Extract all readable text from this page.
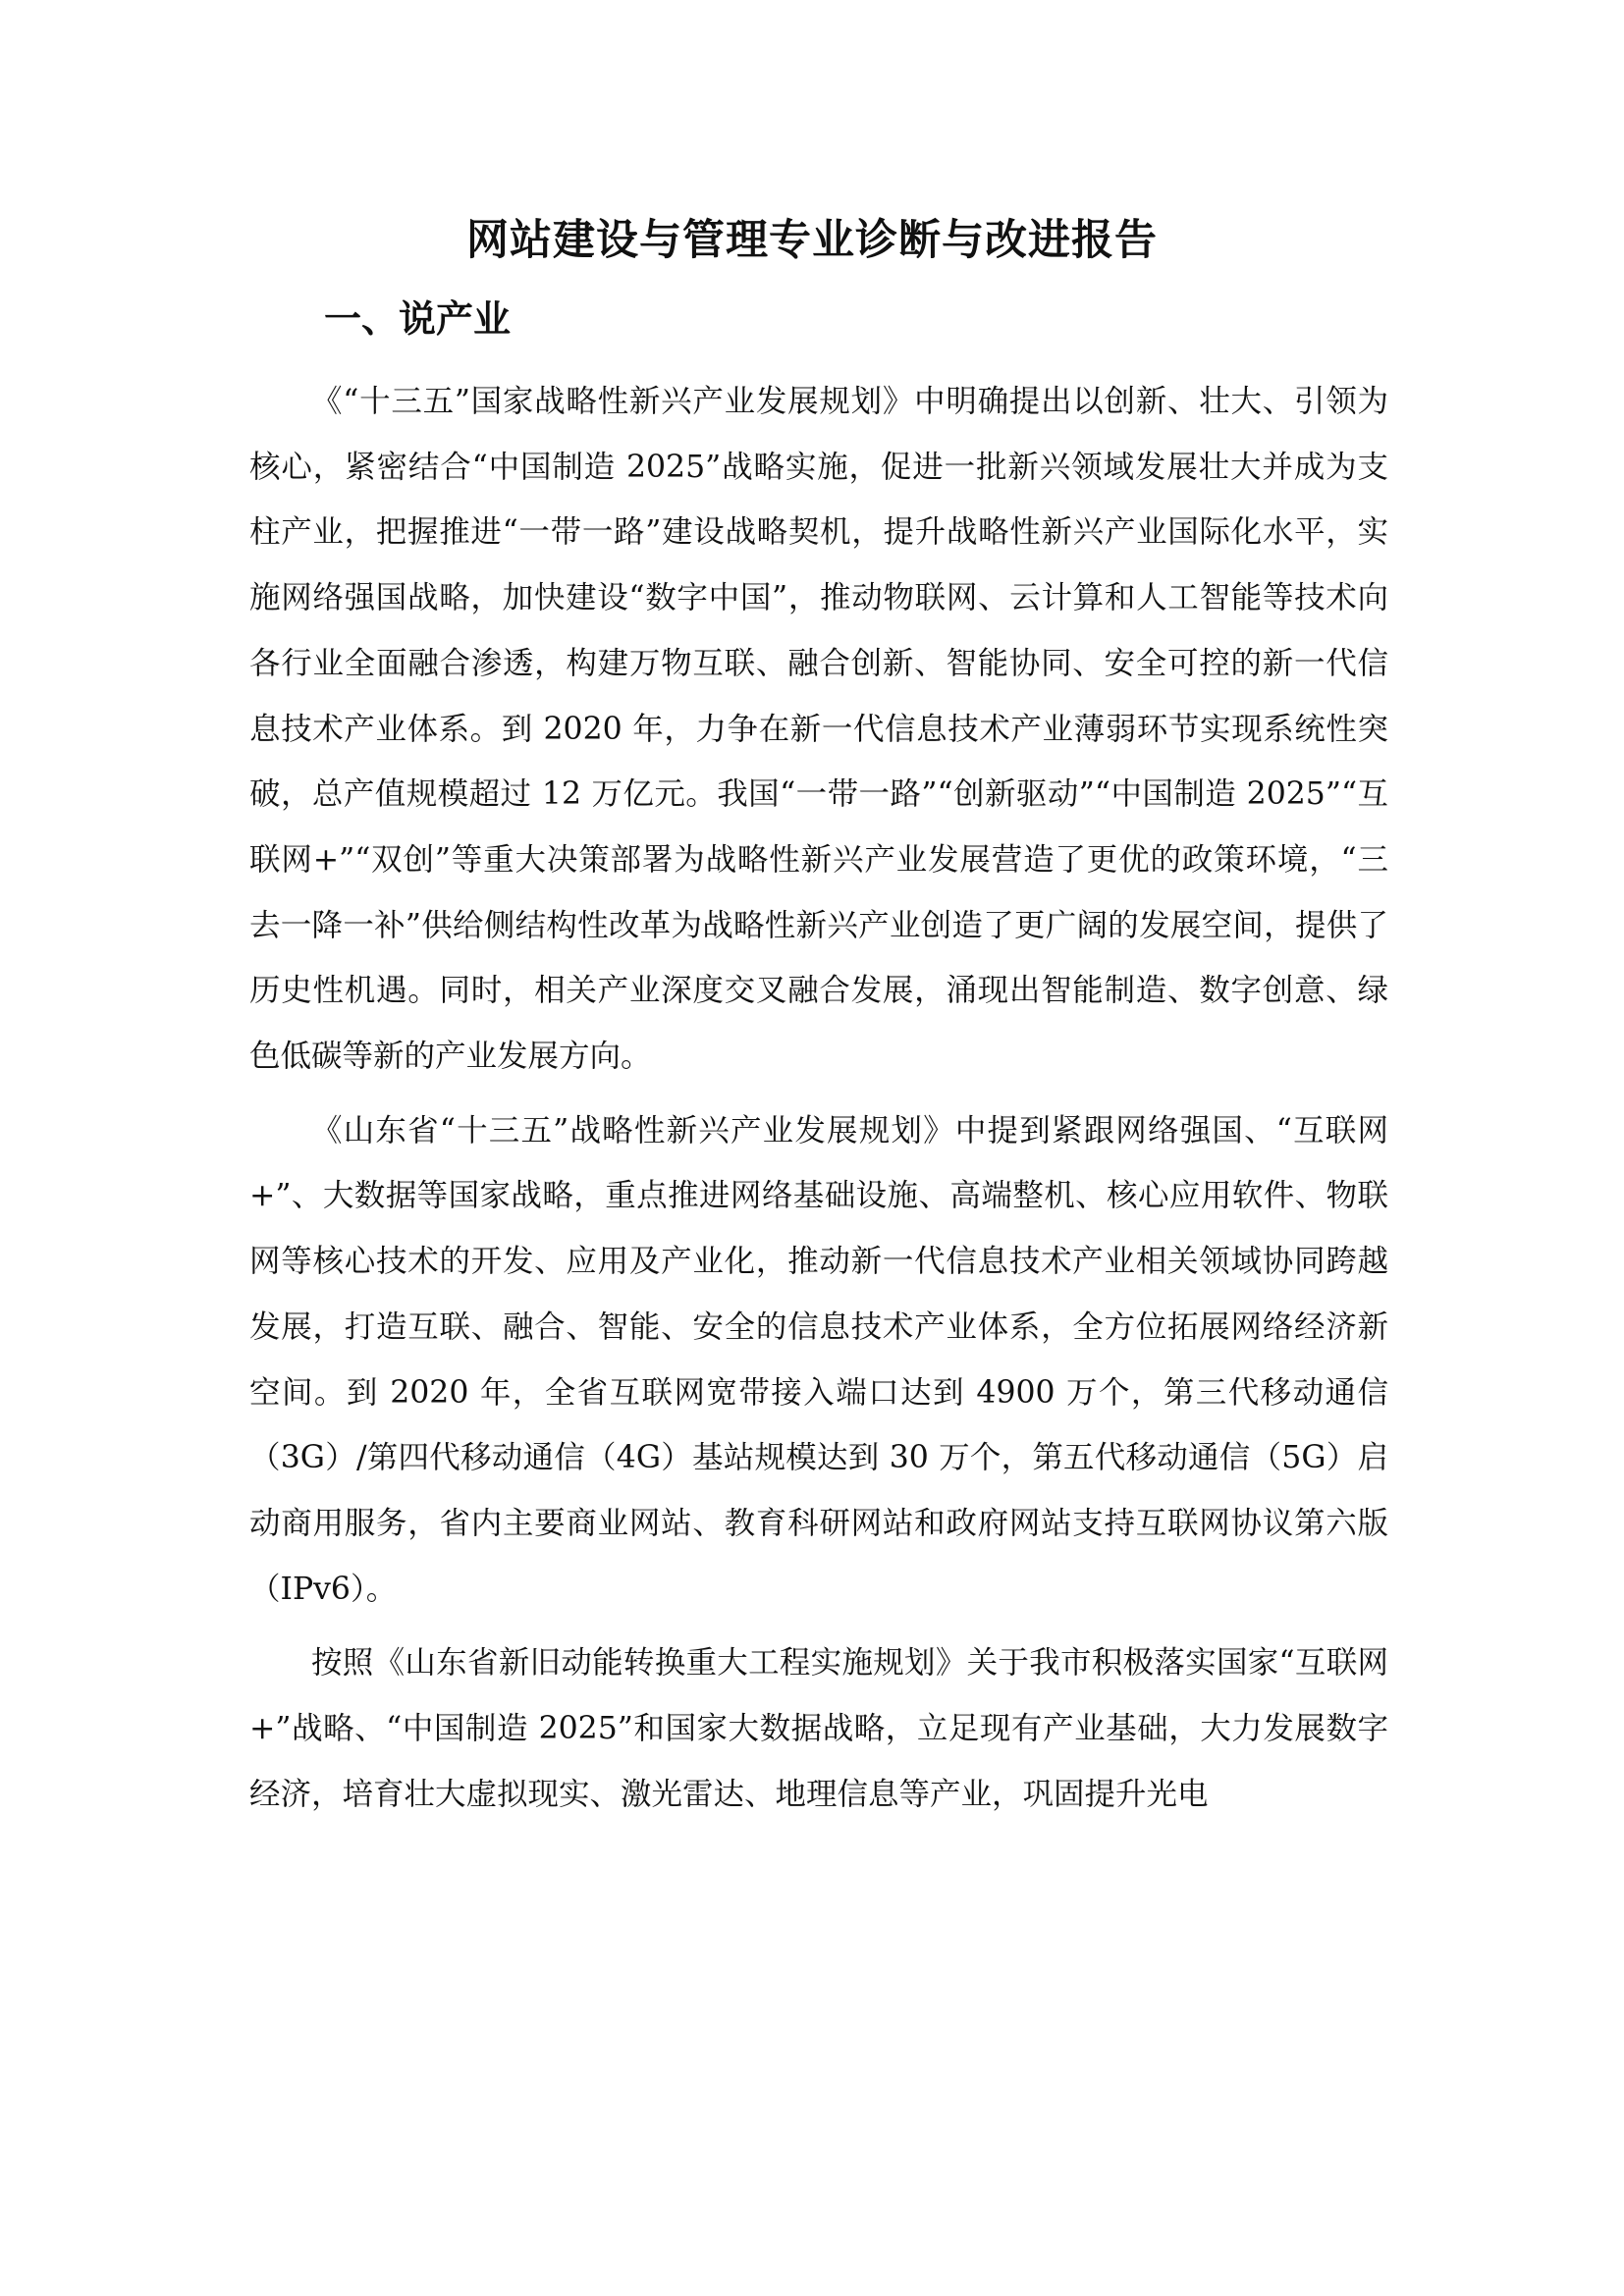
网站建设与管理专业诊断与改进报告
一、说产业

《“十三五”国家战略性新兴产业发展规划》中明确提出以创新、壮大、引领为核心，紧密结合“中国制造 2025”战略实施，促进一批新兴领域发展壮大并成为支柱产业，把握推进“一带一路”建设战略契机，提升战略性新兴产业国际化水平，实施网络强国战略，加快建设“数字中国”，推动物联网、云计算和人工智能等技术向各行业全面融合渗透，构建万物互联、融合创新、智能协同、安全可控的新一代信息技术产业体系。到 2020 年，力争在新一代信息技术产业薄弱环节实现系统性突破，总产值规模超过 12 万亿元。我国“一带一路”“创新驱动”“中国制造 2025”“互联网+”“双创”等重大决策部署为战略性新兴产业发展营造了更优的政策环境，“三去一降一补”供给侧结构性改革为战略性新兴产业创造了更广阔的发展空间，提供了历史性机遇。同时，相关产业深度交叉融合发展，涌现出智能制造、数字创意、绿色低碳等新的产业发展方向。

《山东省“十三五”战略性新兴产业发展规划》中提到紧跟网络强国、“互联网+”、大数据等国家战略，重点推进网络基础设施、高端整机、核心应用软件、物联网等核心技术的开发、应用及产业化，推动新一代信息技术产业相关领域协同跨越发展，打造互联、融合、智能、安全的信息技术产业体系，全方位拓展网络经济新空间。到 2020 年，全省互联网宽带接入端口达到 4900 万个，第三代移动通信（3G）/第四代移动通信（4G）基站规模达到 30 万个，第五代移动通信（5G）启动商用服务，省内主要商业网站、教育科研网站和政府网站支持互联网协议第六版（IPv6）。

按照《山东省新旧动能转换重大工程实施规划》关于我市积极落实国家“互联网+”战略、“中国制造 2025”和国家大数据战略，立足现有产业基础，大力发展数字经济，培育壮大虚拟现实、激光雷达、地理信息等产业，巩固提升光电
